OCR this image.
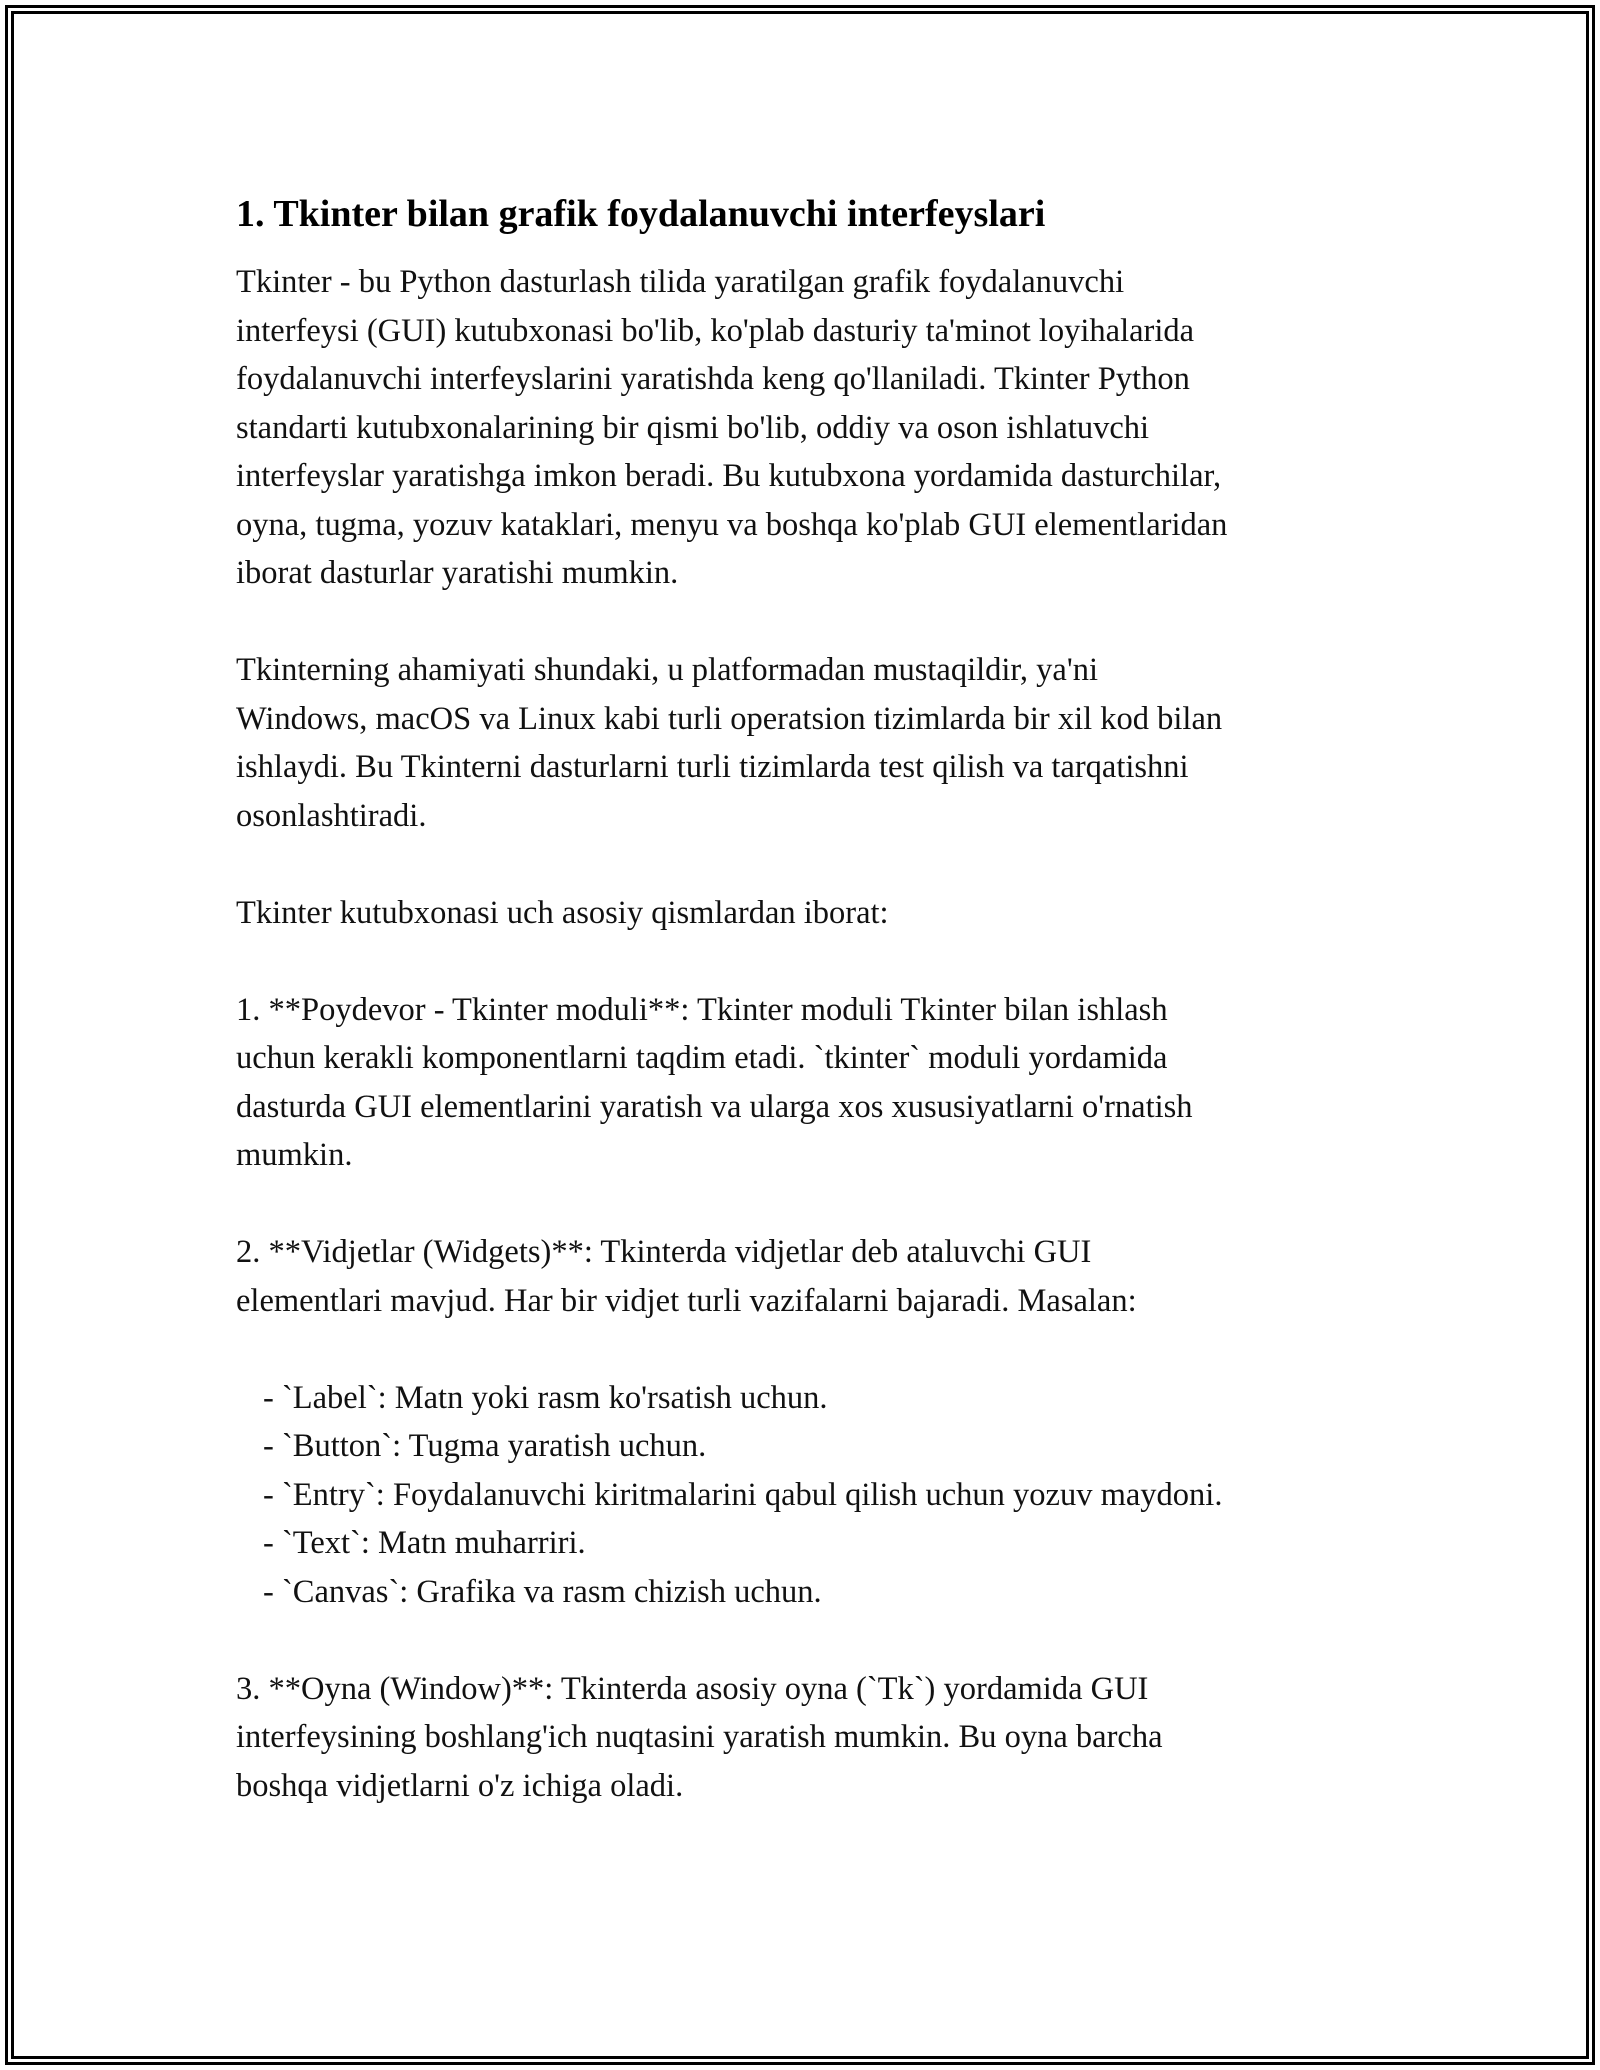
1. Tkinter bilan grafik foydalanuvchi interfeyslari

Tkinter - bu Python dasturlash tilida yaratilgan grafik foydalanuvchi
interfeysi (GUI) kutubxonasi bo'lib, ko'plab dasturiy ta'minot loyihalarida
foydalanuvchi interfeyslarini yaratishda keng qo'llaniladi. Tkinter Python
standarti kutubxonalarining bir qismi bo'lib, oddiy va oson ishlatuvchi
interfeyslar yaratishga imkon beradi. Bu kutubxona yordamida dasturchilar,
oyna, tugma, yozuv kataklari, menyu va boshqa ko'plab GUI elementlaridan
iborat dasturlar yaratishi mumkin.

Tkinterning ahamiyati shundaki, u platformadan mustaqildir, ya'ni
Windows, macOS va Linux kabi turli operatsion tizimlarda bir xil kod bilan
ishlaydi. Bu Tkinterni dasturlarni turli tizimlarda test qilish va tarqatishni
osonlashtiradi.

Tkinter kutubxonasi uch asosiy qismlardan iborat:

1. **Poydevor - Tkinter moduli**: Tkinter moduli Tkinter bilan ishlash
uchun kerakli komponentlarni taqdim etadi. `tkinter` moduli yordamida
dasturda GUI elementlarini yaratish va ularga xos xususiyatlarni o'rnatish
mumkin.

2. **Vidjetlar (Widgets)**: Tkinterda vidjetlar deb ataluvchi GUI
elementlari mavjud. Har bir vidjet turli vazifalarni bajaradi. Masalan:

- `Label`: Matn yoki rasm ko'rsatish uchun.
- `Button`: Tugma yaratish uchun.
- `Entry`: Foydalanuvchi kiritmalarini qabul qilish uchun yozuv maydoni.
- `Text`: Matn muharriri.
- `Canvas`: Grafika va rasm chizish uchun.

3. **Oyna (Window)**: Tkinterda asosiy oyna (`Tk`) yordamida GUI
interfeysining boshlang'ich nuqtasini yaratish mumkin. Bu oyna barcha
boshqa vidjetlarni o'z ichiga oladi.
